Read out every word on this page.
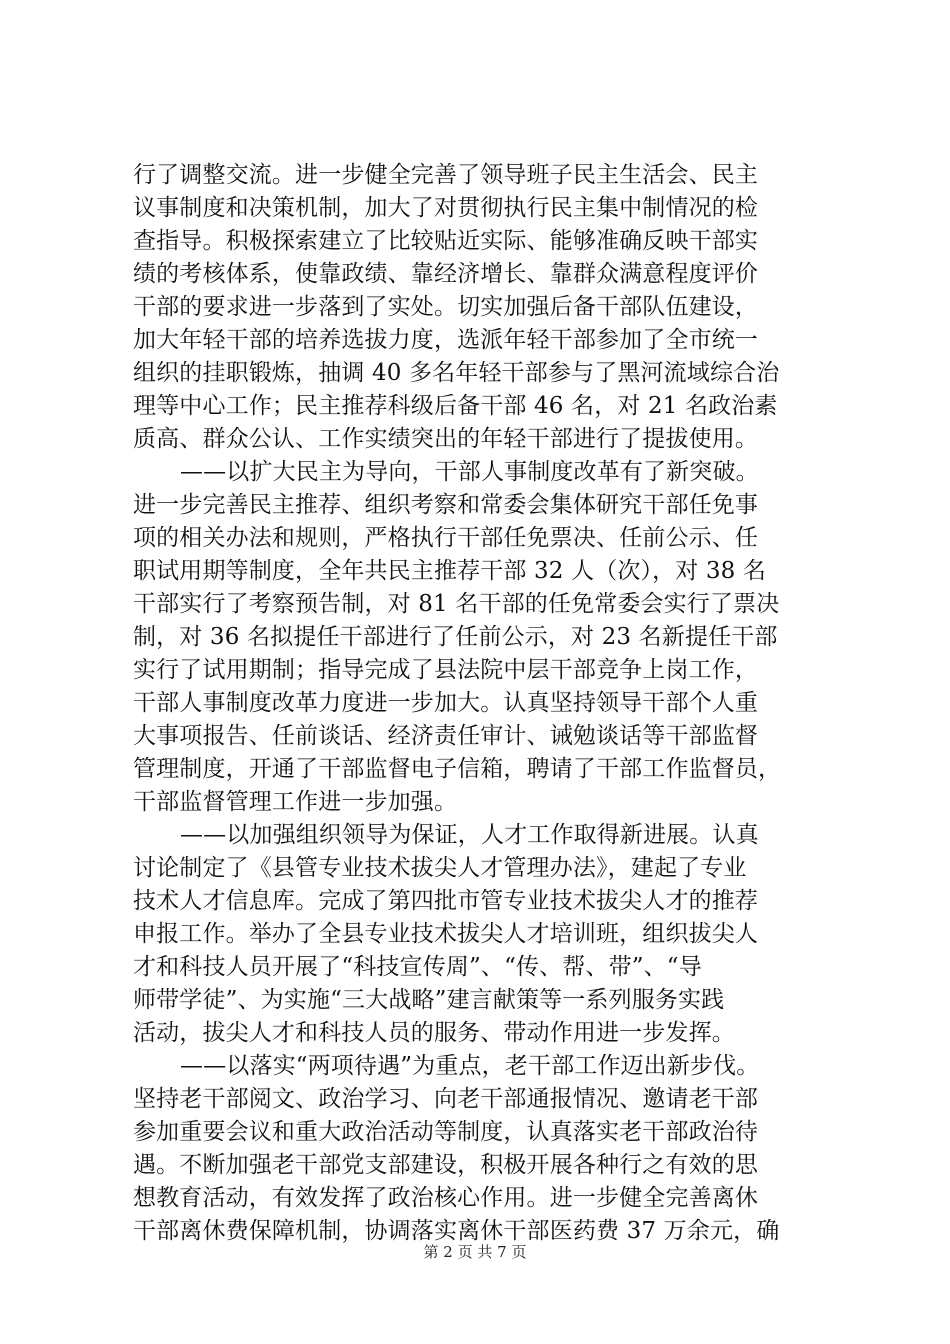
行了调整交流。进一步健全完善了领导班子民主生活会、民主
议事制度和决策机制，加大了对贯彻执行民主集中制情况的检
查指导。积极探索建立了比较贴近实际、能够准确反映干部实
绩的考核体系，使靠政绩、靠经济增长、靠群众满意程度评价
干部的要求进一步落到了实处。切实加强后备干部队伍建设，
加大年轻干部的培养选拔力度，选派年轻干部参加了全市统一
组织的挂职锻炼，抽调 40 多名年轻干部参与了黑河流域综合治
理等中心工作；民主推荐科级后备干部 46 名，对 21 名政治素
质高、群众公认、工作实绩突出的年轻干部进行了提拔使用。
——以扩大民主为导向，干部人事制度改革有了新突破。
进一步完善民主推荐、组织考察和常委会集体研究干部任免事
项的相关办法和规则，严格执行干部任免票决、任前公示、任
职试用期等制度，全年共民主推荐干部 32 人（次），对 38 名
干部实行了考察预告制，对 81 名干部的任免常委会实行了票决
制，对 36 名拟提任干部进行了任前公示，对 23 名新提任干部
实行了试用期制；指导完成了县法院中层干部竞争上岗工作，
干部人事制度改革力度进一步加大。认真坚持领导干部个人重
大事项报告、任前谈话、经济责任审计、诫勉谈话等干部监督
管理制度，开通了干部监督电子信箱，聘请了干部工作监督员，
干部监督管理工作进一步加强。
——以加强组织领导为保证，人才工作取得新进展。认真
讨论制定了《县管专业技术拔尖人才管理办法》，建起了专业
技术人才信息库。完成了第四批市管专业技术拔尖人才的推荐
申报工作。举办了全县专业技术拔尖人才培训班，组织拔尖人
才和科技人员开展了“科技宣传周”、“传、帮、带”、“导
师带学徒”、为实施“三大战略”建言献策等一系列服务实践
活动，拔尖人才和科技人员的服务、带动作用进一步发挥。
——以落实“两项待遇”为重点，老干部工作迈出新步伐。
坚持老干部阅文、政治学习、向老干部通报情况、邀请老干部
参加重要会议和重大政治活动等制度，认真落实老干部政治待
遇。不断加强老干部党支部建设，积极开展各种行之有效的思
想教育活动，有效发挥了政治核心作用。进一步健全完善离休
干部离休费保障机制，协调落实离休干部医药费 37 万余元，确
第 2 页 共 7 页
